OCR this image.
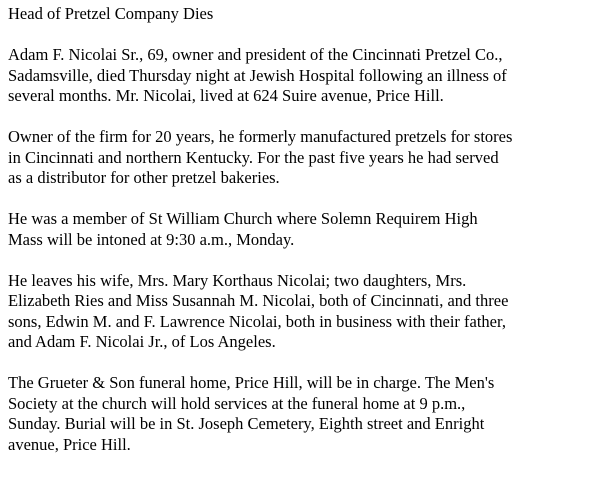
Head of Pretzel Company Dies
Adam F. Nicolai Sr., 69, owner and president of the Cincinnati Pretzel Co.,
Sadamsville, died Thursday night at Jewish Hospital following an illness of
several months. Mr. Nicolai, lived at 624 Suire avenue, Price Hill.
Owner of the firm for 20 years, he formerly manufactured pretzels for stores
in Cincinnati and northern Kentucky. For the past five years he had served
as a distributor for other pretzel bakeries.
He was a member of St William Church where Solemn Requirem High
Mass will be intoned at 9:30 a.m., Monday.
He leaves his wife, Mrs. Mary Korthaus Nicolai; two daughters, Mrs.
Elizabeth Ries and Miss Susannah M. Nicolai, both of Cincinnati, and three
sons, Edwin M. and F. Lawrence Nicolai, both in business with their father,
and Adam F. Nicolai Jr., of Los Angeles.
The Grueter & Son funeral home, Price Hill, will be in charge. The Men's
Society at the church will hold services at the funeral home at 9 p.m.,
Sunday. Burial will be in St. Joseph Cemetery, Eighth street and Enright
avenue, Price Hill.
